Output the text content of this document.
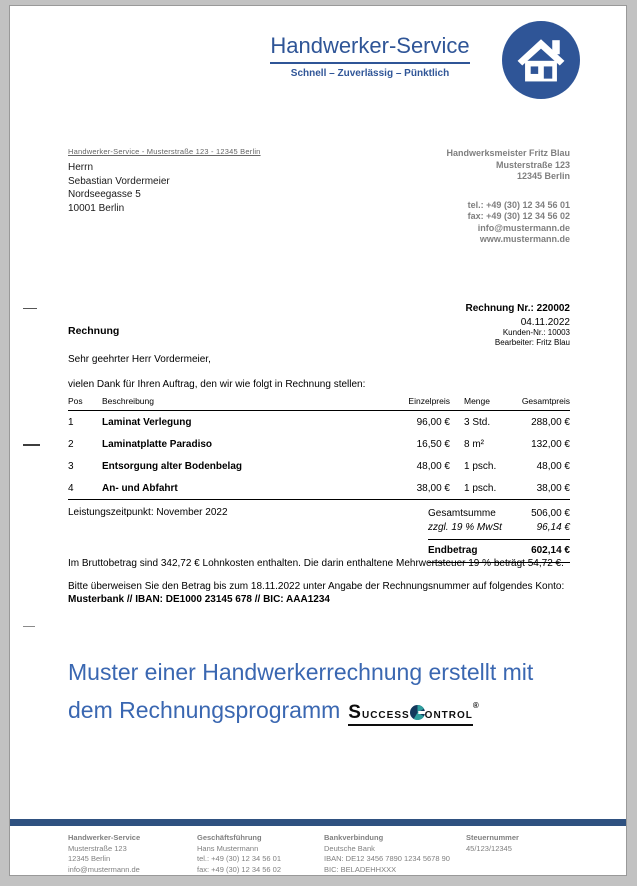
Handwerker-Service
Schnell – Zuverlässig – Pünktlich
Handwerker-Service - Musterstraße 123 - 12345 Berlin
Herrn
Sebastian Vordermeier
Nordseegasse 5
10001 Berlin
Handwerksmeister Fritz Blau
Musterstraße 123
12345 Berlin
tel.: +49 (30) 12 34 56 01
fax: +49 (30) 12 34 56 02
info@mustermann.de
www.mustermann.de
Rechnung Nr.: 220002
04.11.2022
Kunden-Nr.: 10003
Bearbeiter: Fritz Blau
Rechnung
Sehr geehrter Herr Vordermeier,
vielen Dank für Ihren Auftrag, den wir wie folgt in Rechnung stellen:
Pos	Beschreibung	Einzelpreis Menge	Gesamtpreis
1	Laminat Verlegung	96,00 € 3 Std.	288,00 €
2	Laminatplatte Paradiso	16,50 € 8 m²	132,00 €
3	Entsorgung alter Bodenbelag	48,00 € 1 psch.	48,00 €
4	An- und Abfahrt	38,00 € 1 psch.	38,00 €
Leistungszeitpunkt: November 2022	Gesamtsumme	506,00 €
zzgl. 19 % MwSt	96,14 €
Endbetrag	602,14 €
Im Bruttobetrag sind 342,72 € Lohnkosten enthalten. Die darin enthaltene Mehrwertsteuer 19 % beträgt 54,72 €.
Bitte überweisen Sie den Betrag bis zum 18.11.2022 unter Angabe der Rechnungsnummer auf folgendes Konto:
Musterbank // IBAN: DE1000 23145 678 // BIC: AAA1234
Muster einer Handwerkerrechnung erstellt mit
dem Rechnungsprogramm Success ontrol®
Handwerker-Service
Musterstraße 123
12345 Berlin
info@mustermann.de
Geschäftsführung
Hans Mustermann
tel.: +49 (30) 12 34 56 01
fax: +49 (30) 12 34 56 02
Bankverbindung
Deutsche Bank
IBAN: DE12 3456 7890 1234 5678 90
BIC: BELADEHHXXX
Steuernummer
45/123/12345
